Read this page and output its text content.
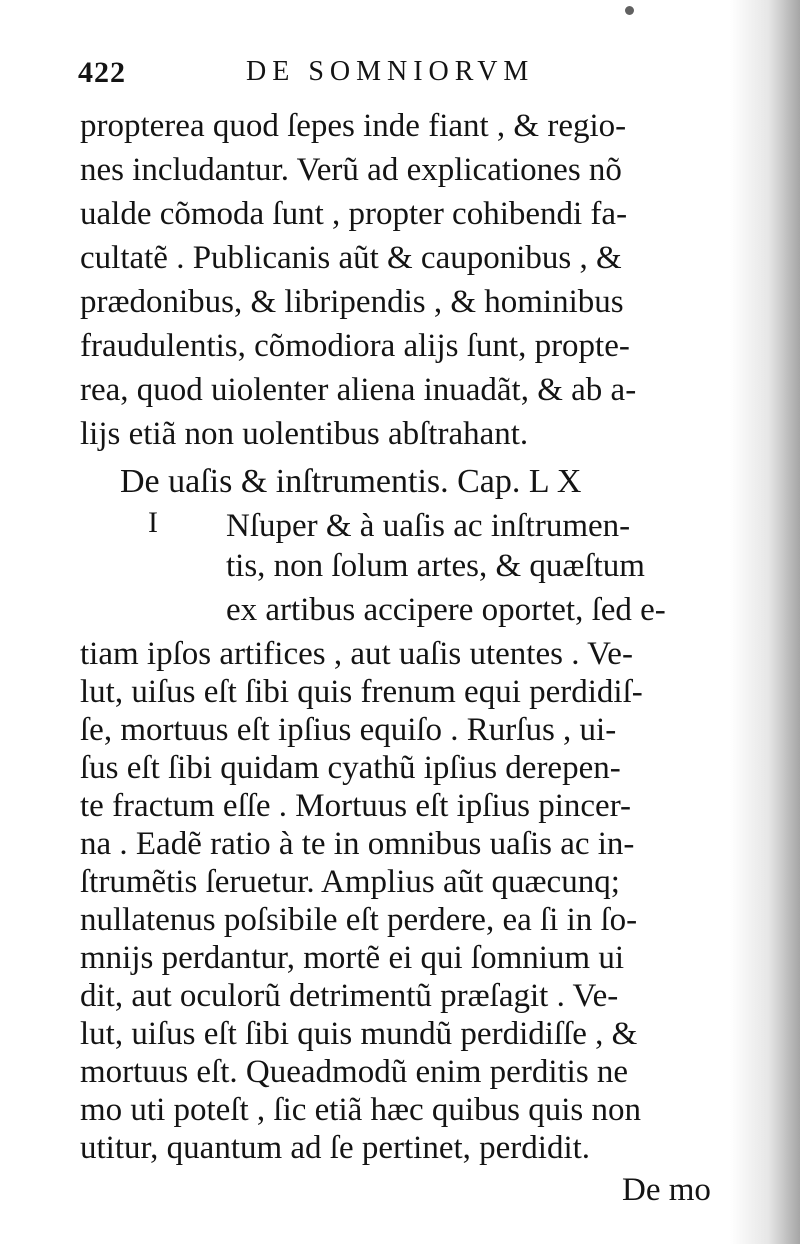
422	DE SOMNIORVM
propterea quod ſepes inde fiant , & regio-
nes includantur. Verũ ad explicationes nõ
ualde cõmoda ſunt , propter cohibendi fa-
cultatẽ . Publicanis aũt & cauponibus , &
prædonibus, & libripendis , & hominibus
fraudulentis, cõmodiora alijs ſunt, propte-
rea, quod uiolenter aliena inuadãt, & ab a-
lijs etiã non uolentibus abſtrahant.
De uaſis & inſtrumentis. Cap. L X
I Nſuper & à uaſis ac inſtrumen-
tis, non ſolum artes, & quæſtum
ex artibus accipere oportet, ſed e-
tiam ipſos artifices , aut uaſis utentes . Ve-
lut, uiſus eſt ſibi quis frenum equi perdidiſ-
ſe, mortuus eſt ipſius equiſo . Rurſus , ui-
ſus eſt ſibi quidam cyathũ ipſius derepen-
te fractum eſſe . Mortuus eſt ipſius pincer-
na . Eadẽ ratio à te in omnibus uaſis ac in-
ſtrumẽtis ſeruetur. Amplius aũt quæcunq;
nullatenus poſsibile eſt perdere, ea ſi in ſo-
mnijs perdantur, mortẽ ei qui ſomnium ui
dit, aut oculorũ detrimentũ præſagit . Ve-
lut, uiſus eſt ſibi quis mundũ perdidiſſe , &
mortuus eſt. Queadmodũ enim perditis ne
mo uti poteſt , ſic etiã hæc quibus quis non
utitur, quantum ad ſe pertinet, perdidit.
De mo
